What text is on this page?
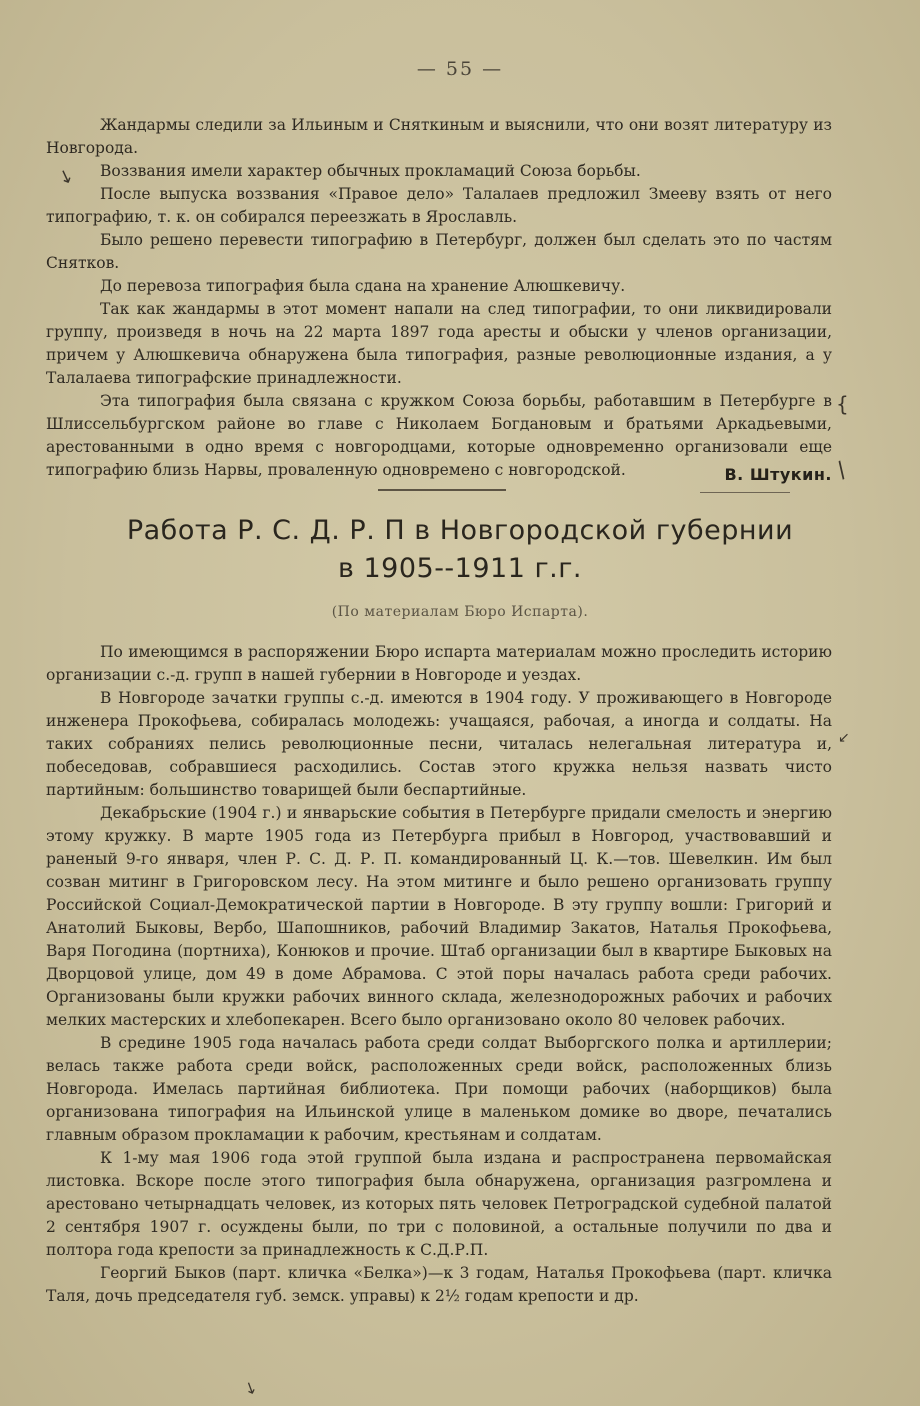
— 55 —

Жандармы следили за Ильиным и Сняткиным и выяснили, что они возят литературу из Новгорода.

Воззвания имели характер обычных прокламаций Союза борьбы.

После выпуска воззвания «Правое дело» Талалаев предложил Змееву взять от него типографию, т. к. он собирался переезжать в Ярославль.

Было решено перевести типографию в Петербург, должен был сделать это по частям Снятков.

До перевоза типография была сдана на хранение Алюшкевичу.

Так как жандармы в этот момент напали на след типографии, то они ликвидировали группу, произведя в ночь на 22 марта 1897 года аресты и обыски у членов организации, причем у Алюшкевича обнаружена была типография, разные революционные издания, а у Талалаева типографские принадлежности.

Эта типография была связана с кружком Союза борьбы, работавшим в Петербурге в Шлиссельбургском районе во главе с Николаем Богдановым и братьями Аркадьевыми, арестованными в одно время с новгородцами, которые одновременно организовали еще типографию близь Нарвы, проваленную одновремено с новгородской.	В. Штукин.
Работа Р. С. Д. Р. П в Новгородской губернии
в 1905--1911 г.г.
(По материалам Бюро Испарта).

По имеющимся в распоряжении Бюро испарта материалам можно проследить историю организации с.-д. групп в нашей губернии в Новгороде и уездах.

В Новгороде зачатки группы с.-д. имеются в 1904 году. У проживающего в Новгороде инженера Прокофьева, собиралась молодежь: учащаяся, рабочая, а иногда и солдаты. На таких собраниях пелись революционные песни, читалась нелегальная литература и, побеседовав, собравшиеся расходились. Состав этого кружка нельзя назвать чисто партийным: большинство товарищей были беспартийные.

Декабрьские (1904 г.) и январьские события в Петербурге придали смелость и энергию этому кружку. В марте 1905 года из Петербурга прибыл в Новгород, участвовавший и раненый 9-го января, член Р. С. Д. Р. П. командированный Ц. К.—тов. Шевелкин. Им был созван митинг в Григоровском лесу. На этом митинге и было решено организовать группу Российской Социал-Демократической партии в Новгороде. В эту группу вошли: Григорий и Анатолий Быковы, Вербо, Шапошников, рабочий Владимир Закатов, Наталья Прокофьева, Варя Погодина (портниха), Конюков и прочие. Штаб организации был в квартире Быковых на Дворцовой улице, дом 49 в доме Абрамова. С этой поры началась работа среди рабочих. Организованы были кружки рабочих винного склада, железнодорожных рабочих и рабочих мелких мастерских и хлебопекарен. Всего было организовано около 80 человек рабочих.

В средине 1905 года началась работа среди солдат Выборгского полка и артиллерии; велась также работа среди войск, расположенных среди войск, расположенных близь Новгорода. Имелась партийная библиотека. При помощи рабочих (наборщиков) была организована типография на Ильинской улице в маленьком домике во дворе, печатались главным образом прокламации к рабочим, крестьянам и солдатам.

К 1-му мая 1906 года этой группой была издана и распространена первомайская листовка. Вскоре после этого типография была обнаружена, организация разгромлена и арестовано четырнадцать человек, из которых пять человек Петроградской судебной палатой 2 сентября 1907 г. осуждены были, по три с половиной, а остальные получили по два и полтора года крепости за принадлежность к С.Д.Р.П.

Георгий Быков (парт. кличка «Белка»)—к 3 годам, Наталья Прокофьева (парт. кличка Таля, дочь председателя губ. земск. управы) к 2½ годам крепости и др.

↘
{
/
↙
↘
